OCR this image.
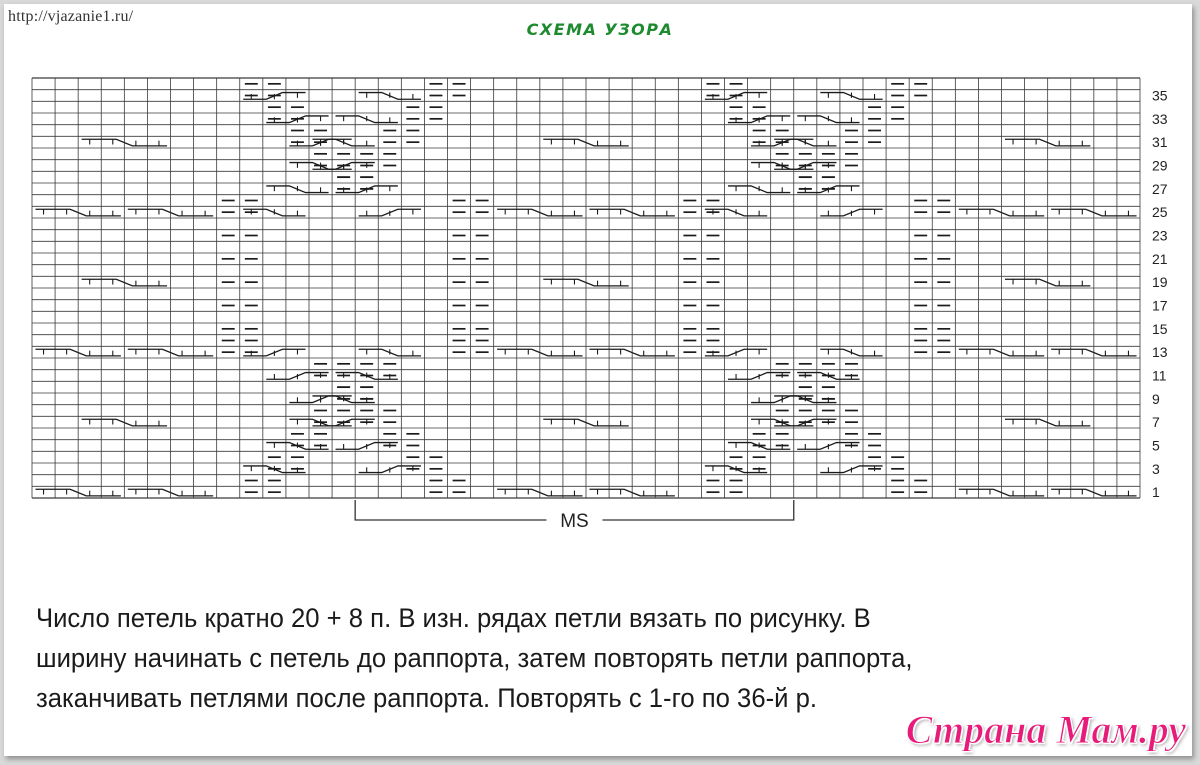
http://vjazanie1.ru/
СХЕМА УЗОРА
1
3
5
7
9
11
13
15
17
19
21
23
25
27
29
31
33
35
MS

Число петель кратно 20 + 8 п. В изн. рядах петли вязать по рисунку. В
ширину начинать с петель до раппорта, затем повторять петли раппорта,
заканчивать петлями после раппорта. Повторять с 1-го по 36-й р.

Страна Мам.ру
